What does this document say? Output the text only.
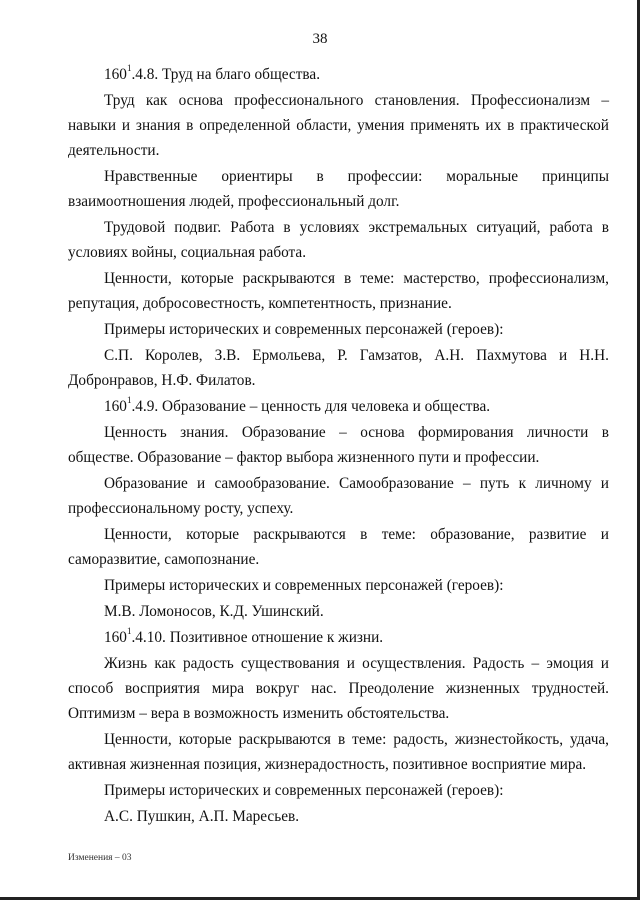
38

$160^1.4.8$. Труд на благо общества.

Труд как основа профессионального становления. Профессионализм – навыки и знания в определенной области, умения применять их в практической деятельности.

Нравственные ориентиры в профессии: моральные принципы взаимоотношения людей, профессиональный долг.

Трудовой подвиг. Работа в условиях экстремальных ситуаций, работа в условиях войны, социальная работа.

Ценности, которые раскрываются в теме: мастерство, профессионализм, репутация, добросовестность, компетентность, признание.

Примеры исторических и современных персонажей (героев):

С.П. Королев, З.В. Ермольева, Р. Гамзатов, А.Н. Пахмутова и Н.Н. Добронравов, Н.Ф. Филатов.

$160^1.4.9$. Образование – ценность для человека и общества.

Ценность знания. Образование – основа формирования личности в обществе. Образование – фактор выбора жизненного пути и профессии.

Образование и самообразование. Самообразование – путь к личному и профессиональному росту, успеху.

Ценности, которые раскрываются в теме: образование, развитие и саморазвитие, самопознание.

Примеры исторических и современных персонажей (героев):

М.В. Ломоносов, К.Д. Ушинский.

$160^1.4.10$. Позитивное отношение к жизни.

Жизнь как радость существования и осуществления. Радость – эмоция и способ восприятия мира вокруг нас. Преодоление жизненных трудностей. Оптимизм – вера в возможность изменить обстоятельства.

Ценности, которые раскрываются в теме: радость, жизнестойкость, удача, активная жизненная позиция, жизнерадостность, позитивное восприятие мира.

Примеры исторических и современных персонажей (героев):

А.С. Пушкин, А.П. Маресьев.

Изменения – 03
